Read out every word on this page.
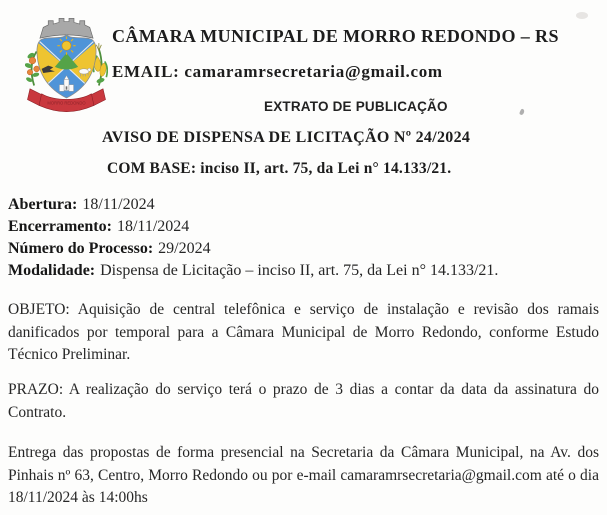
MORRO REDONDO
CÂMARA MUNICIPAL DE MORRO REDONDO – RS
EMAIL: camaramrsecretaria@gmail.com
EXTRATO DE PUBLICAÇÃO
AVISO DE DISPENSA DE LICITAÇÃO Nº 24/2024
COM BASE: inciso II, art. 75, da Lei n° 14.133/21.
Abertura: 18/11/2024
Encerramento: 18/11/2024
Número do Processo: 29/2024
Modalidade: Dispensa de Licitação – inciso II, art. 75, da Lei n° 14.133/21.

OBJETO: Aquisição de central telefônica e serviço de instalação e revisão dos ramais danificados por temporal para a Câmara Municipal de Morro Redondo, conforme Estudo Técnico Preliminar.

PRAZO: A realização do serviço terá o prazo de 3 dias a contar da data da assinatura do Contrato.

Entrega das propostas de forma presencial na Secretaria da Câmara Municipal, na Av. dos Pinhais nº 63, Centro, Morro Redondo ou por e-mail camaramrsecretaria@gmail.com até o dia 18/11/2024 às 14:00hs
